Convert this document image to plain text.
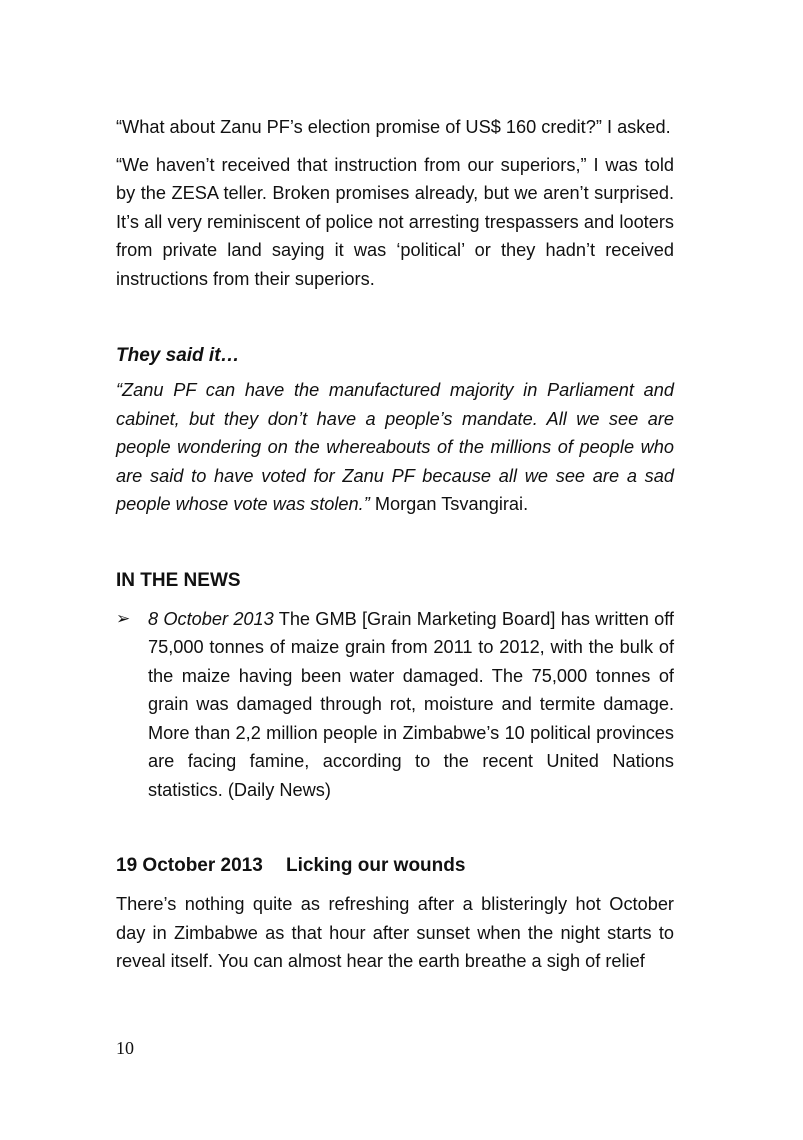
“What about Zanu PF’s election promise of US$ 160 credit?” I asked.

“We haven’t received that instruction from our superiors,” I was told by the ZESA teller. Broken promises already, but we aren’t surprised. It’s all very reminiscent of police not arresting trespassers and looters from private land saying it was ‘political’ or they hadn’t received instructions from their superiors.

They said it…

“Zanu PF can have the manufactured majority in Parliament and cabinet, but they don’t have a people’s mandate. All we see are people wondering on the whereabouts of the millions of people who are said to have voted for Zanu PF because all we see are a sad people whose vote was stolen.” Morgan Tsvangirai.

IN THE NEWS
➢ 8 October 2013 The GMB [Grain Marketing Board] has written off 75,000 tonnes of maize grain from 2011 to 2012, with the bulk of the maize having been water damaged. The 75,000 tonnes of grain was damaged through rot, moisture and termite damage. More than 2,2 million people in Zimbabwe’s 10 political provinces are facing famine, according to the recent United Nations statistics. (Daily News)

19 October 2013	Licking our wounds

There’s nothing quite as refreshing after a blisteringly hot October day in Zimbabwe as that hour after sunset when the night starts to reveal itself. You can almost hear the earth breathe a sigh of relief

10
